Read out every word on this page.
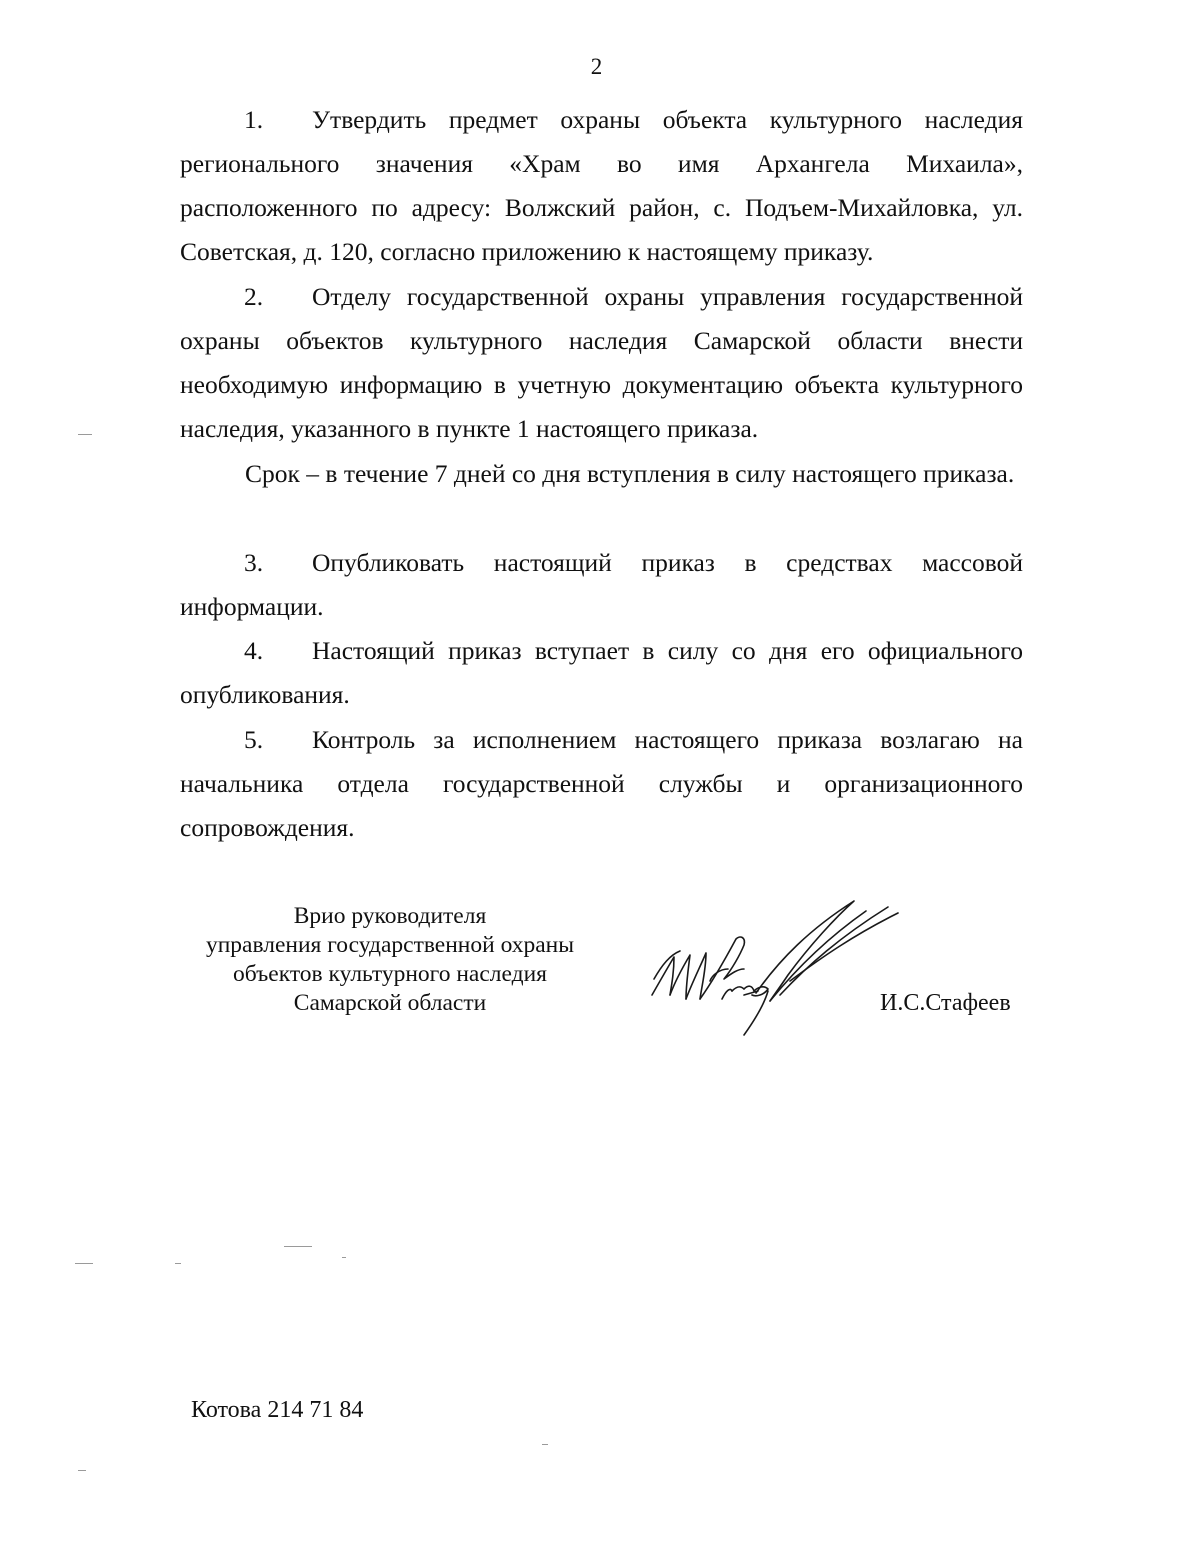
2

1. Утвердить предмет охраны объекта культурного наследия регионального значения «Храм во имя Архангела Михаила», расположенного по адресу: Волжский район, с. Подъем-Михайловка, ул. Советская, д. 120, согласно приложению к настоящему приказу.

2. Отделу государственной охраны управления государственной охраны объектов культурного наследия Самарской области внести необходимую информацию в учетную документацию объекта культурного наследия, указанного в пункте 1 настоящего приказа.

Срок – в течение 7 дней со дня вступления в силу настоящего приказа.

3. Опубликовать настоящий приказ в средствах массовой информации.

4. Настоящий приказ вступает в силу со дня его официального опубликования.

5. Контроль за исполнением настоящего приказа возлагаю на начальника отдела государственной службы и организационного сопровождения.

Врио руководителя
управления государственной охраны
объектов культурного наследия
Самарской области	И.С.Стафеев
Котова 214 71 84
